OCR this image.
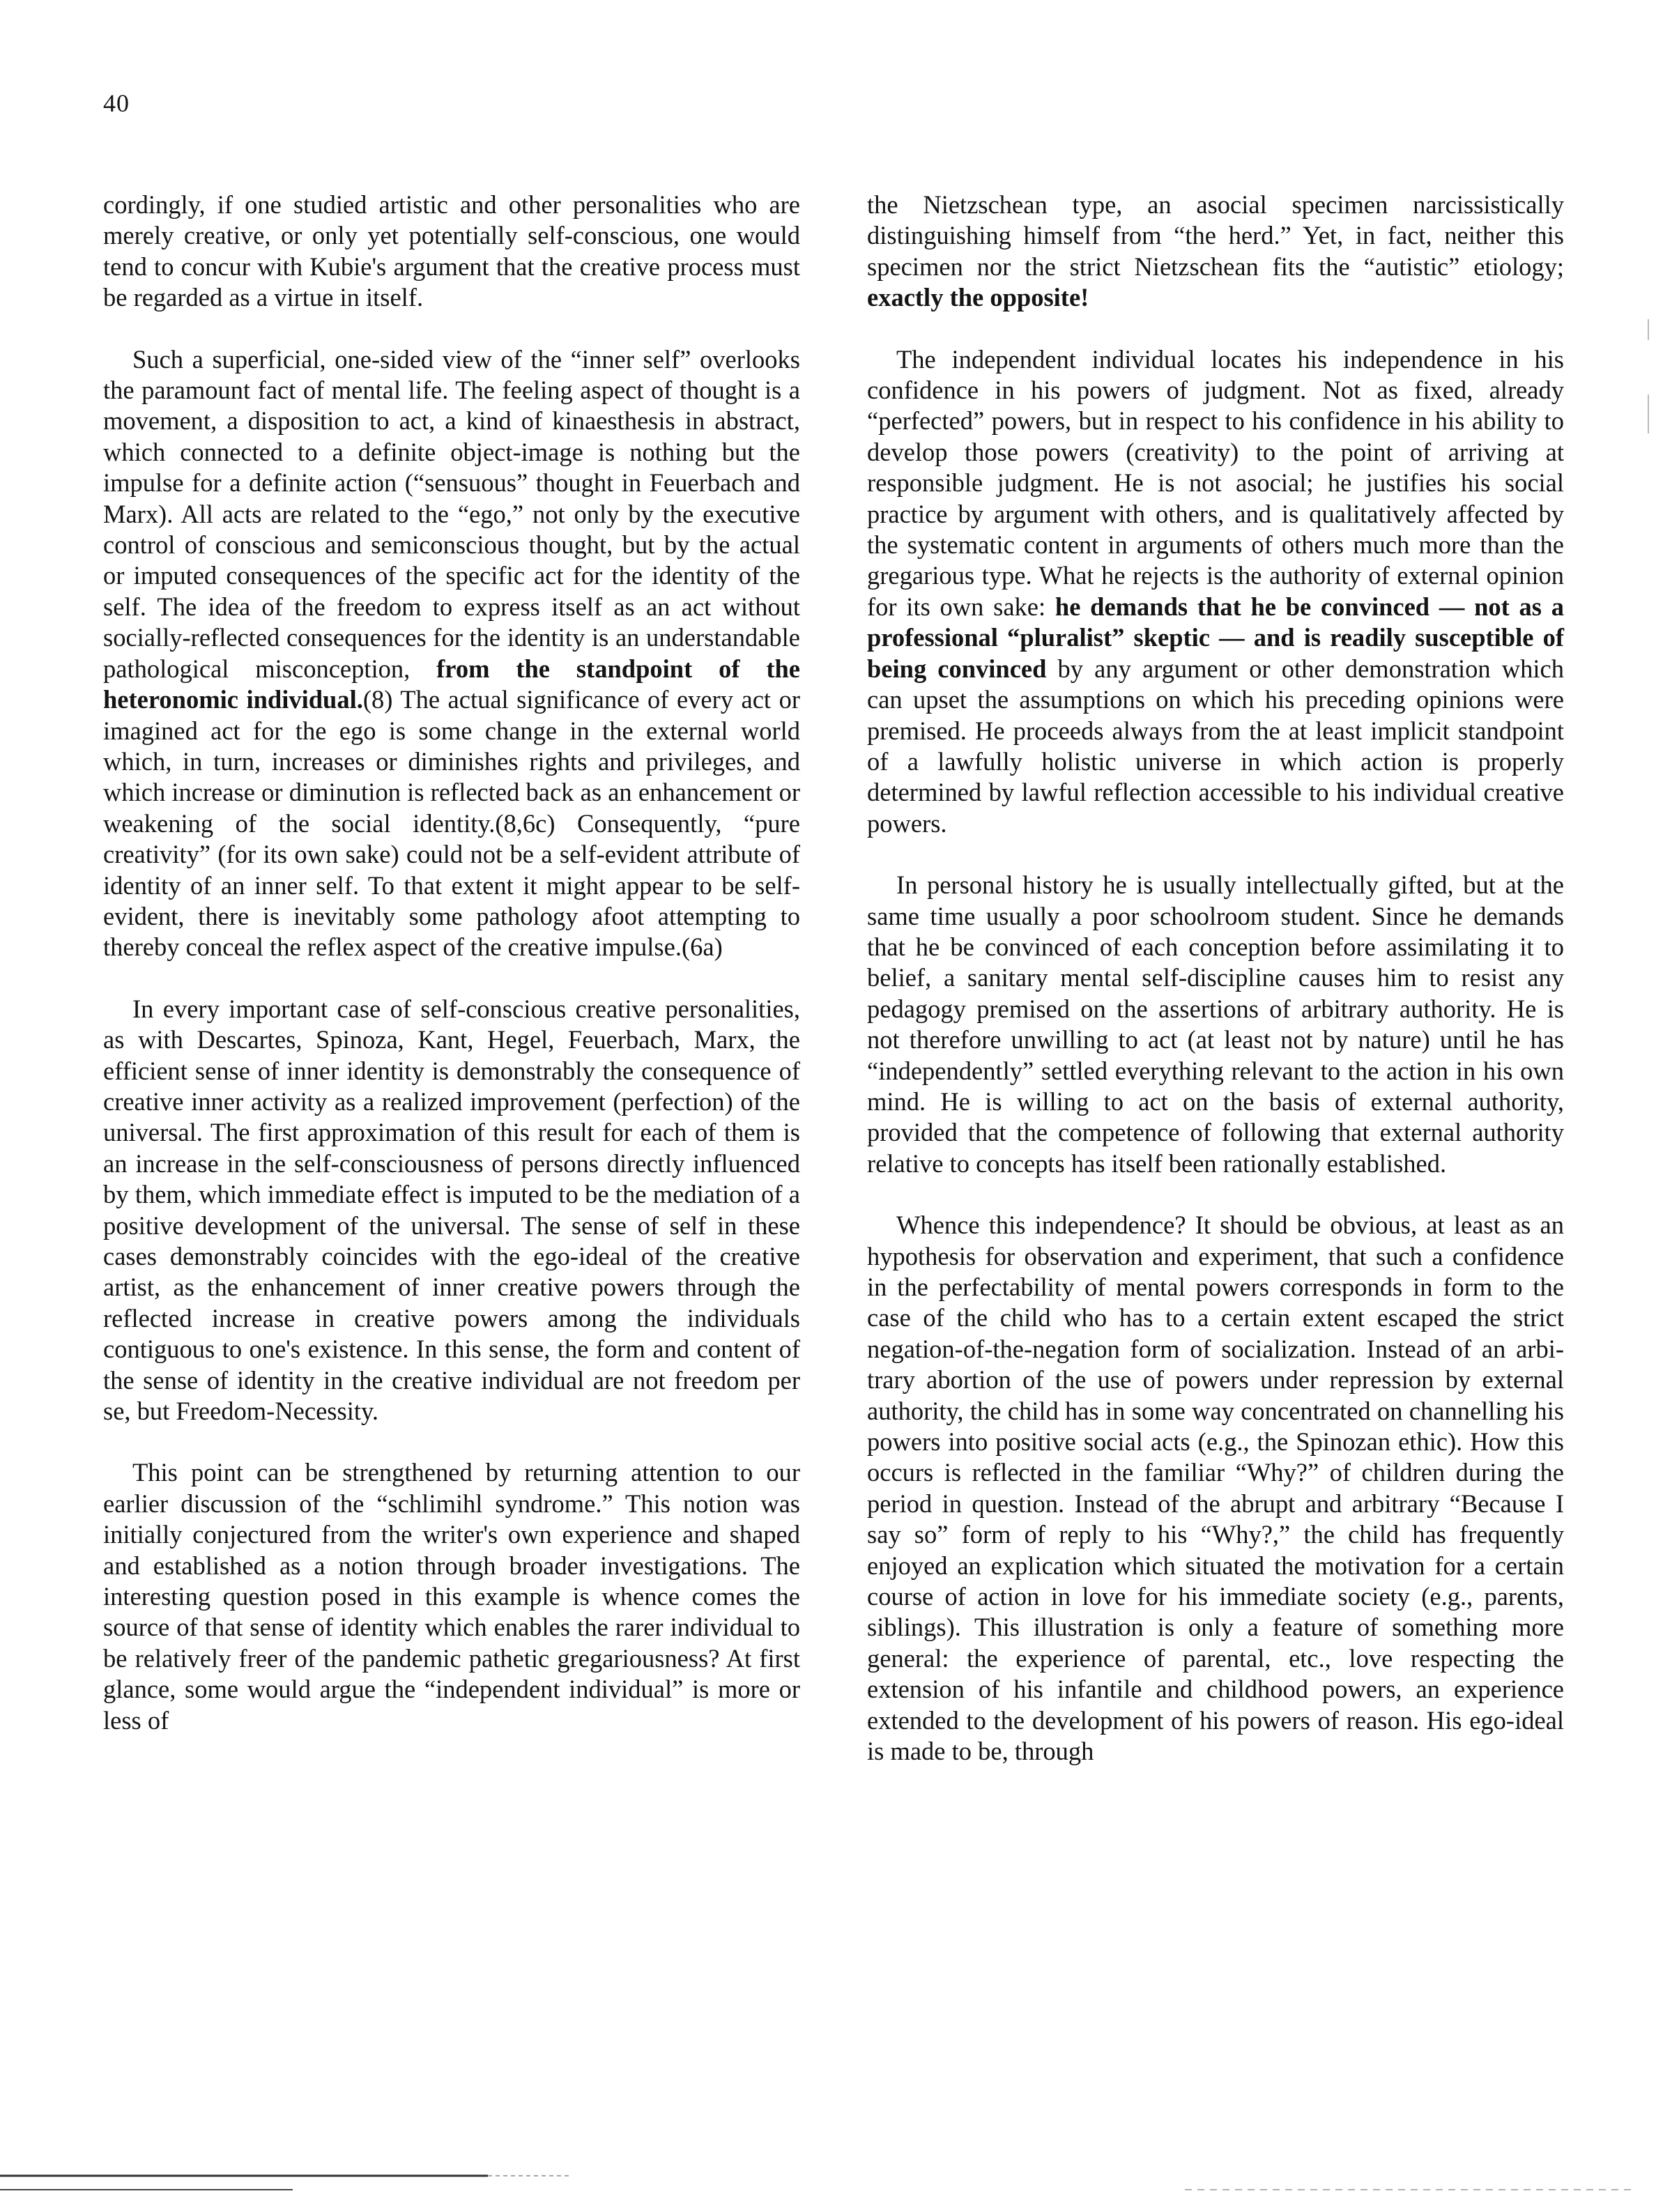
40

cordingly, if one studied artistic and other personalities who are merely creative, or only yet potentially self-conscious, one would tend to concur with Kubie's argument that the creative process must be regarded as a virtue in itself.

Such a superficial, one-sided view of the “inner self” overlooks the paramount fact of mental life. The feeling aspect of thought is a movement, a disposition to act, a kind of kinaesthesis in abstract, which connected to a definite object-image is nothing but the impulse for a definite action (“sensuous” thought in Feuerbach and Marx). All acts are related to the “ego,” not only by the executive control of conscious and semiconscious thought, but by the actual or imputed consequences of the specific act for the identity of the self. The idea of the freedom to express itself as an act without socially-reflected consequences for the identity is an understandable pathological misconception, from the standpoint of the heteronomic individual.(8) The actual significance of every act or imagined act for the ego is some change in the external world which, in turn, increases or diminishes rights and privileges, and which increase or diminution is reflected back as an enhancement or weakening of the social identity.(8,6c) Consequently, “pure creativity” (for its own sake) could not be a self-evident attribute of identity of an inner self. To that extent it might appear to be self-evident, there is inevitably some pathology afoot attempting to thereby conceal the reflex aspect of the creative impulse.(6a)

In every important case of self-conscious creative personalities, as with Descartes, Spinoza, Kant, Hegel, Feuerbach, Marx, the efficient sense of inner identity is demonstrably the consequence of creative inner activity as a realized improvement (perfection) of the universal. The first approximation of this result for each of them is an increase in the self-consciousness of persons directly influenced by them, which immediate effect is imputed to be the mediation of a positive development of the universal. The sense of self in these cases demonstrably coincides with the ego-ideal of the creative artist, as the enhancement of inner creative powers through the reflected increase in creative powers among the individuals contiguous to one's existence. In this sense, the form and content of the sense of identity in the creative individual are not freedom per se, but Freedom-Necessity.

This point can be strengthened by returning attention to our earlier discussion of the “schlimihl syndrome.” This notion was initially conjectured from the writer's own experience and shaped and established as a notion through broader investigations. The interesting question posed in this example is whence comes the source of that sense of identity which enables the rarer individual to be relatively freer of the pandemic pathetic gregariousness? At first glance, some would argue the “independent individual” is more or less of

the Nietzschean type, an asocial specimen narcissistically distinguishing himself from “the herd.” Yet, in fact, neither this specimen nor the strict Nietzschean fits the “autistic” etiology; exactly the opposite!

The independent individual locates his independence in his confidence in his powers of judgment. Not as fixed, already “perfected” powers, but in respect to his confidence in his ability to develop those powers (creativity) to the point of arriving at responsible judgment. He is not asocial; he justifies his social practice by argument with others, and is qualitatively affected by the systematic content in arguments of others much more than the gregarious type. What he rejects is the authority of external opinion for its own sake: he demands that he be convinced — not as a professional “pluralist” skeptic — and is readily susceptible of being convinced by any argument or other demonstration which can upset the assumptions on which his preceding opinions were premised. He proceeds always from the at least implicit standpoint of a lawfully holistic universe in which action is properly determined by lawful reflection accessible to his individual creative powers.

In personal history he is usually intellectually gifted, but at the same time usually a poor schoolroom student. Since he demands that he be convinced of each conception before assimilating it to belief, a sanitary mental self-discipline causes him to resist any pedagogy premised on the assertions of arbitrary authority. He is not therefore unwilling to act (at least not by nature) until he has “independently” settled everything relevant to the action in his own mind. He is willing to act on the basis of external authority, provided that the competence of following that external authority relative to concepts has itself been rationally established.

Whence this independence? It should be obvious, at least as an hypothesis for observation and experiment, that such a confidence in the perfectability of mental powers corresponds in form to the case of the child who has to a certain extent escaped the strict negation-of-the-negation form of socialization. Instead of an arbitrary abortion of the use of powers under repression by external authority, the child has in some way concentrated on channelling his powers into positive social acts (e.g., the Spinozan ethic). How this occurs is reflected in the familiar “Why?” of children during the period in question. Instead of the abrupt and arbitrary “Because I say so” form of reply to his “Why?,” the child has frequently enjoyed an explication which situated the motivation for a certain course of action in love for his immediate society (e.g., parents, siblings). This illustration is only a feature of something more general: the experience of parental, etc., love respecting the extension of his infantile and childhood powers, an experience extended to the development of his powers of reason. His ego-ideal is made to be, through
